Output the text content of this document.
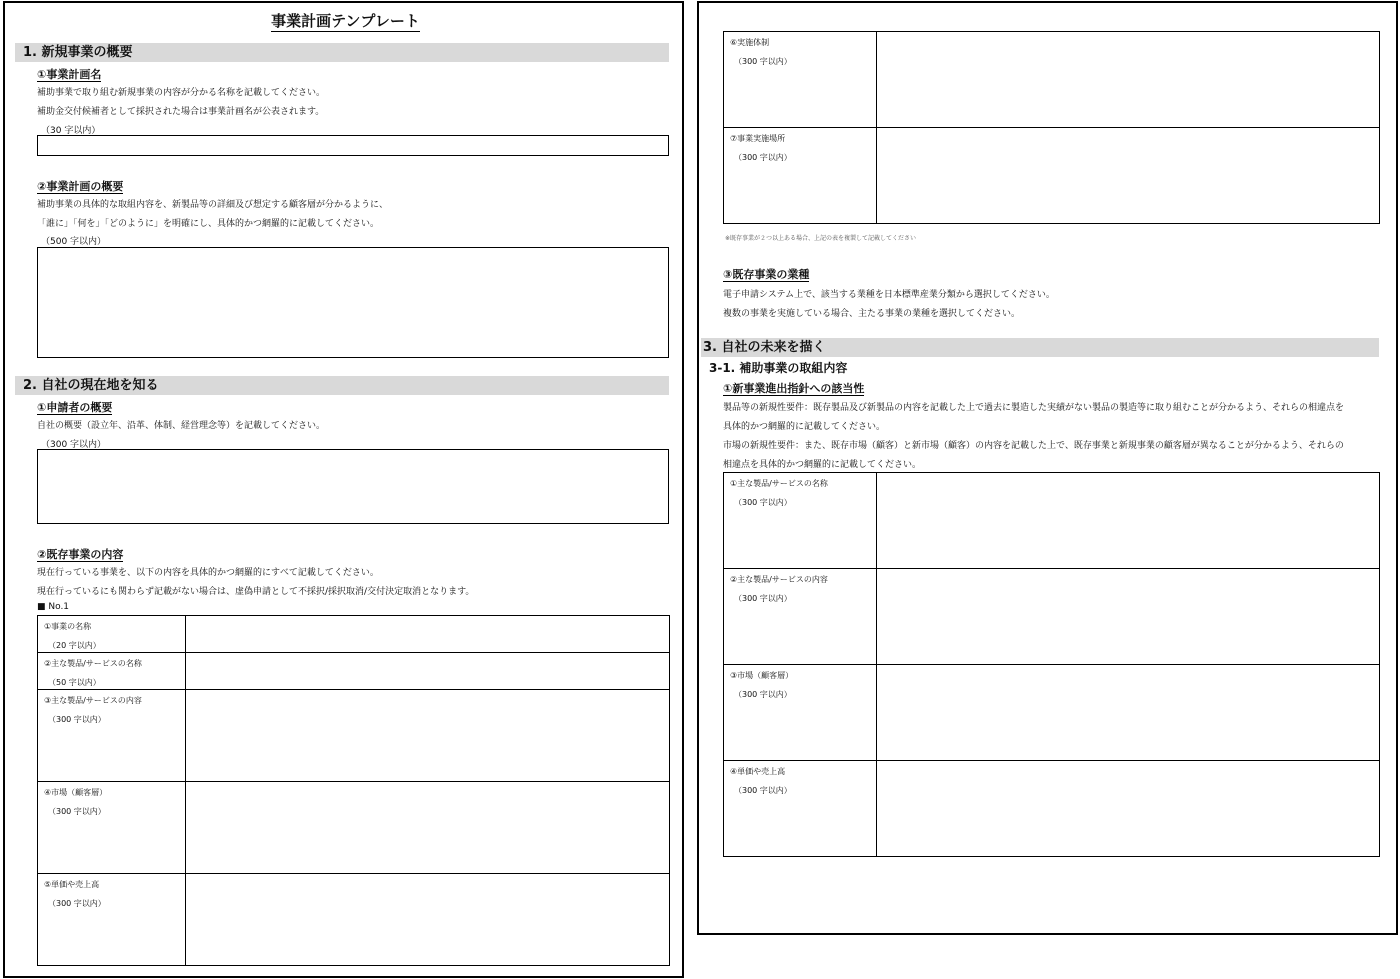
事業計画テンプレート
1. 新規事業の概要
①事業計画名
補助事業で取り組む新規事業の内容が分かる名称を記載してください。
補助金交付候補者として採択された場合は事業計画名が公表されます。
（30 字以内）
②事業計画の概要
補助事業の具体的な取組内容を、新製品等の詳細及び想定する顧客層が分かるように、
「誰に」「何を」「どのように」を明確にし、具体的かつ網羅的に記載してください。
（500 字以内）
2. 自社の現在地を知る
①申請者の概要
自社の概要（設立年、沿革、体制、経営理念等）を記載してください。
（300 字以内）
②既存事業の内容
現在行っている事業を、以下の内容を具体的かつ網羅的にすべて記載してください。
現在行っているにも関わらず記載がない場合は、虚偽申請として不採択/採択取消/交付決定取消となります。
■ No.1
①事業の名称
（20 字以内）	

②主な製品/サービスの名称
（50 字以内）	

③主な製品/サービスの内容
（300 字以内）	

④市場（顧客層）
（300 字以内）	

⑤単価や売上高
（300 字以内）	

⑥実施体制
（300 字以内）	

⑦事業実施場所
（300 字以内）	

※既存事業が２つ以上ある場合、上記の表を複製して記載してください
③既存事業の業種
電子申請システム上で、該当する業種を日本標準産業分類から選択してください。
複数の事業を実施している場合、主たる事業の業種を選択してください。
3. 自社の未来を描く
3-1. 補助事業の取組内容
①新事業進出指針への該当性
製品等の新規性要件：既存製品及び新製品の内容を記載した上で過去に製造した実績がない製品の製造等に取り組むことが分かるよう、それらの相違点を
具体的かつ網羅的に記載してください。
市場の新規性要件：また、既存市場（顧客）と新市場（顧客）の内容を記載した上で、既存事業と新規事業の顧客層が異なることが分かるよう、それらの
相違点を具体的かつ網羅的に記載してください。
①主な製品/サービスの名称
（300 字以内）	

②主な製品/サービスの内容
（300 字以内）	

③市場（顧客層）
（300 字以内）	

④単価や売上高
（300 字以内）	
